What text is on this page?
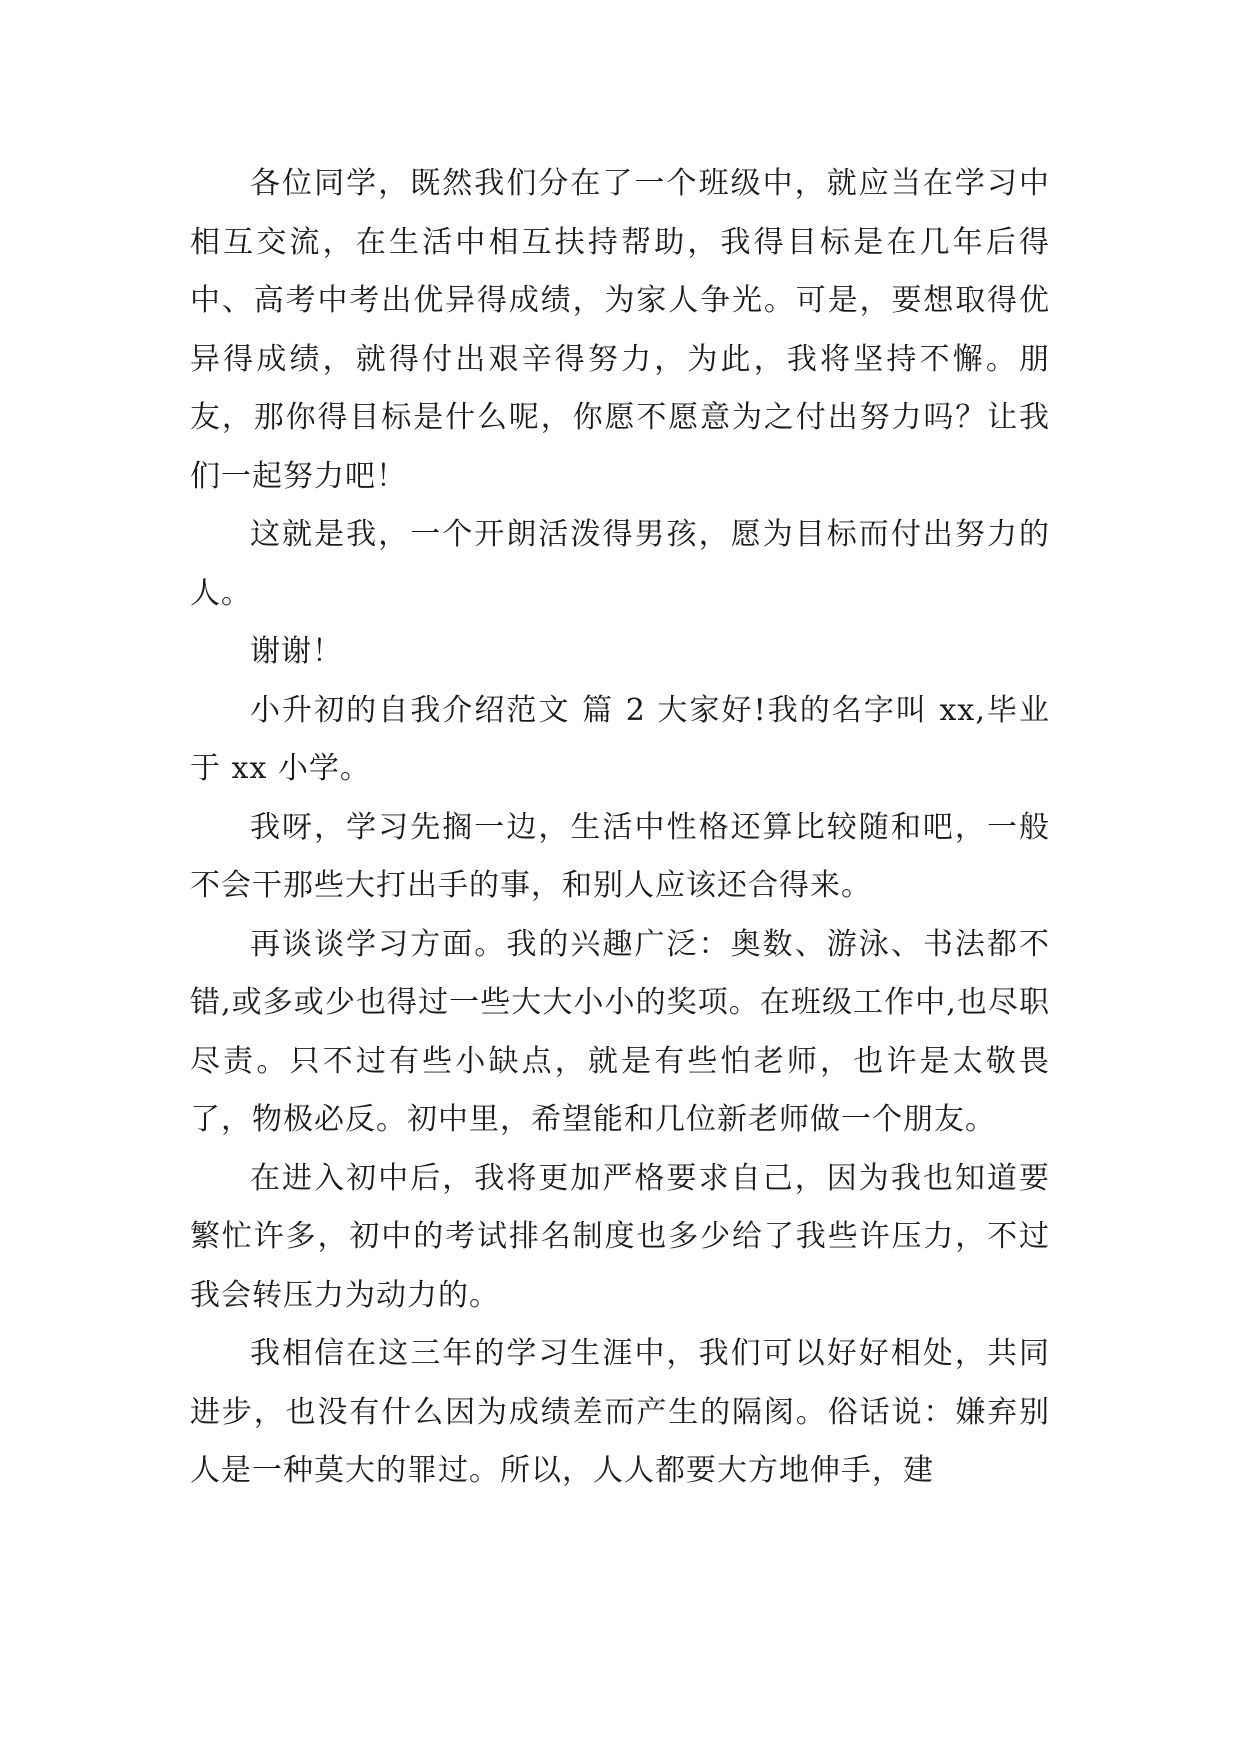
各位同学，既然我们分在了一个班级中，就应当在学习中相互交流，在生活中相互扶持帮助，我得目标是在几年后得中、高考中考出优异得成绩，为家人争光。可是，要想取得优异得成绩，就得付出艰辛得努力，为此，我将坚持不懈。朋友，那你得目标是什么呢，你愿不愿意为之付出努力吗？让我们一起努力吧！

这就是我，一个开朗活泼得男孩，愿为目标而付出努力的人。

谢谢！

小升初的自我介绍范文 篇 2 大家好!我的名字叫 xx,毕业于 xx 小学。

我呀，学习先搁一边，生活中性格还算比较随和吧，一般不会干那些大打出手的事，和别人应该还合得来。

再谈谈学习方面。我的兴趣广泛：奥数、游泳、书法都不错,或多或少也得过一些大大小小的奖项。在班级工作中,也尽职尽责。只不过有些小缺点，就是有些怕老师，也许是太敬畏了，物极必反。初中里，希望能和几位新老师做一个朋友。

在进入初中后，我将更加严格要求自己，因为我也知道要繁忙许多，初中的考试排名制度也多少给了我些许压力，不过我会转压力为动力的。

我相信在这三年的学习生涯中，我们可以好好相处，共同进步，也没有什么因为成绩差而产生的隔阂。俗话说：嫌弃别人是一种莫大的罪过。所以，人人都要大方地伸手，建
